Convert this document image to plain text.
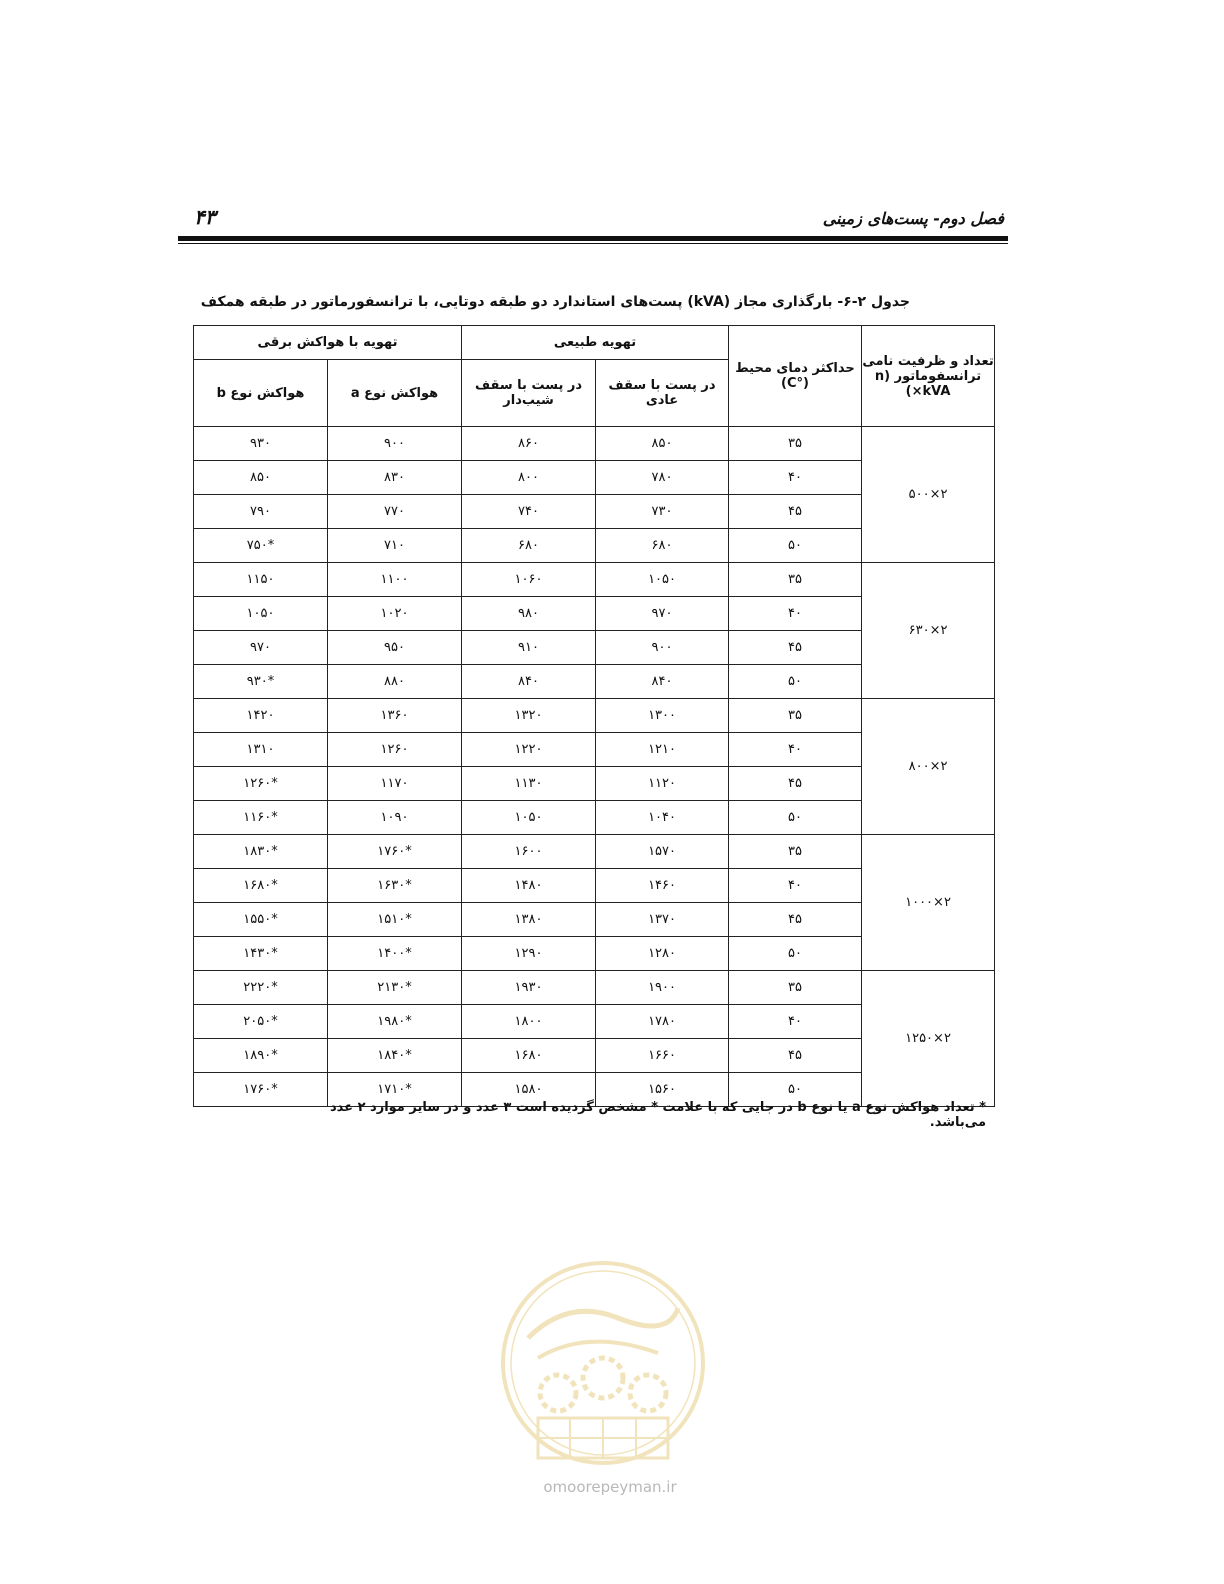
۴۳	فصل دوم- پست‌های زمینی
جدول ۲-۶- بارگذاری مجاز (kVA) پست‌های استاندارد دو طبقه دوتایی، با ترانسفورماتور در طبقه همکف
تعداد و ظرفیت نامی ترانسفوماتور (n ×kVA)	حداکثر دمای محیط (°C)	تهویه طبیعی		تهویه با هواکش برقی	
		در پست با سقف عادی	در پست با سقف شیب‌دار	هواکش نوع a	هواکش نوع b
۲×۵۰۰	۳۵	۸۵۰	۸۶۰	۹۰۰	۹۳۰
	۴۰	۷۸۰	۸۰۰	۸۳۰	۸۵۰
	۴۵	۷۳۰	۷۴۰	۷۷۰	۷۹۰
	۵۰	۶۸۰	۶۸۰	۷۱۰	*۷۵۰
۲×۶۳۰	۳۵	۱۰۵۰	۱۰۶۰	۱۱۰۰	۱۱۵۰
	۴۰	۹۷۰	۹۸۰	۱۰۲۰	۱۰۵۰
	۴۵	۹۰۰	۹۱۰	۹۵۰	۹۷۰
	۵۰	۸۴۰	۸۴۰	۸۸۰	*۹۳۰
۲×۸۰۰	۳۵	۱۳۰۰	۱۳۲۰	۱۳۶۰	۱۴۲۰
	۴۰	۱۲۱۰	۱۲۲۰	۱۲۶۰	۱۳۱۰
	۴۵	۱۱۲۰	۱۱۳۰	۱۱۷۰	*۱۲۶۰
	۵۰	۱۰۴۰	۱۰۵۰	۱۰۹۰	*۱۱۶۰
۲×۱۰۰۰	۳۵	۱۵۷۰	۱۶۰۰	*۱۷۶۰	*۱۸۳۰
	۴۰	۱۴۶۰	۱۴۸۰	*۱۶۳۰	*۱۶۸۰
	۴۵	۱۳۷۰	۱۳۸۰	*۱۵۱۰	*۱۵۵۰
	۵۰	۱۲۸۰	۱۲۹۰	*۱۴۰۰	*۱۴۳۰
۲×۱۲۵۰	۳۵	۱۹۰۰	۱۹۳۰	*۲۱۳۰	*۲۲۲۰
	۴۰	۱۷۸۰	۱۸۰۰	*۱۹۸۰	*۲۰۵۰
	۴۵	۱۶۶۰	۱۶۸۰	*۱۸۴۰	*۱۸۹۰
	۵۰	۱۵۶۰	۱۵۸۰	*۱۷۱۰	*۱۷۶۰
* تعداد هواکش نوع a یا نوع b در جایی که با علامت * مشخص گردیده است ۳ عدد و در سایر موارد ۲ عدد می‌باشد.
omoorepeyman.ir
